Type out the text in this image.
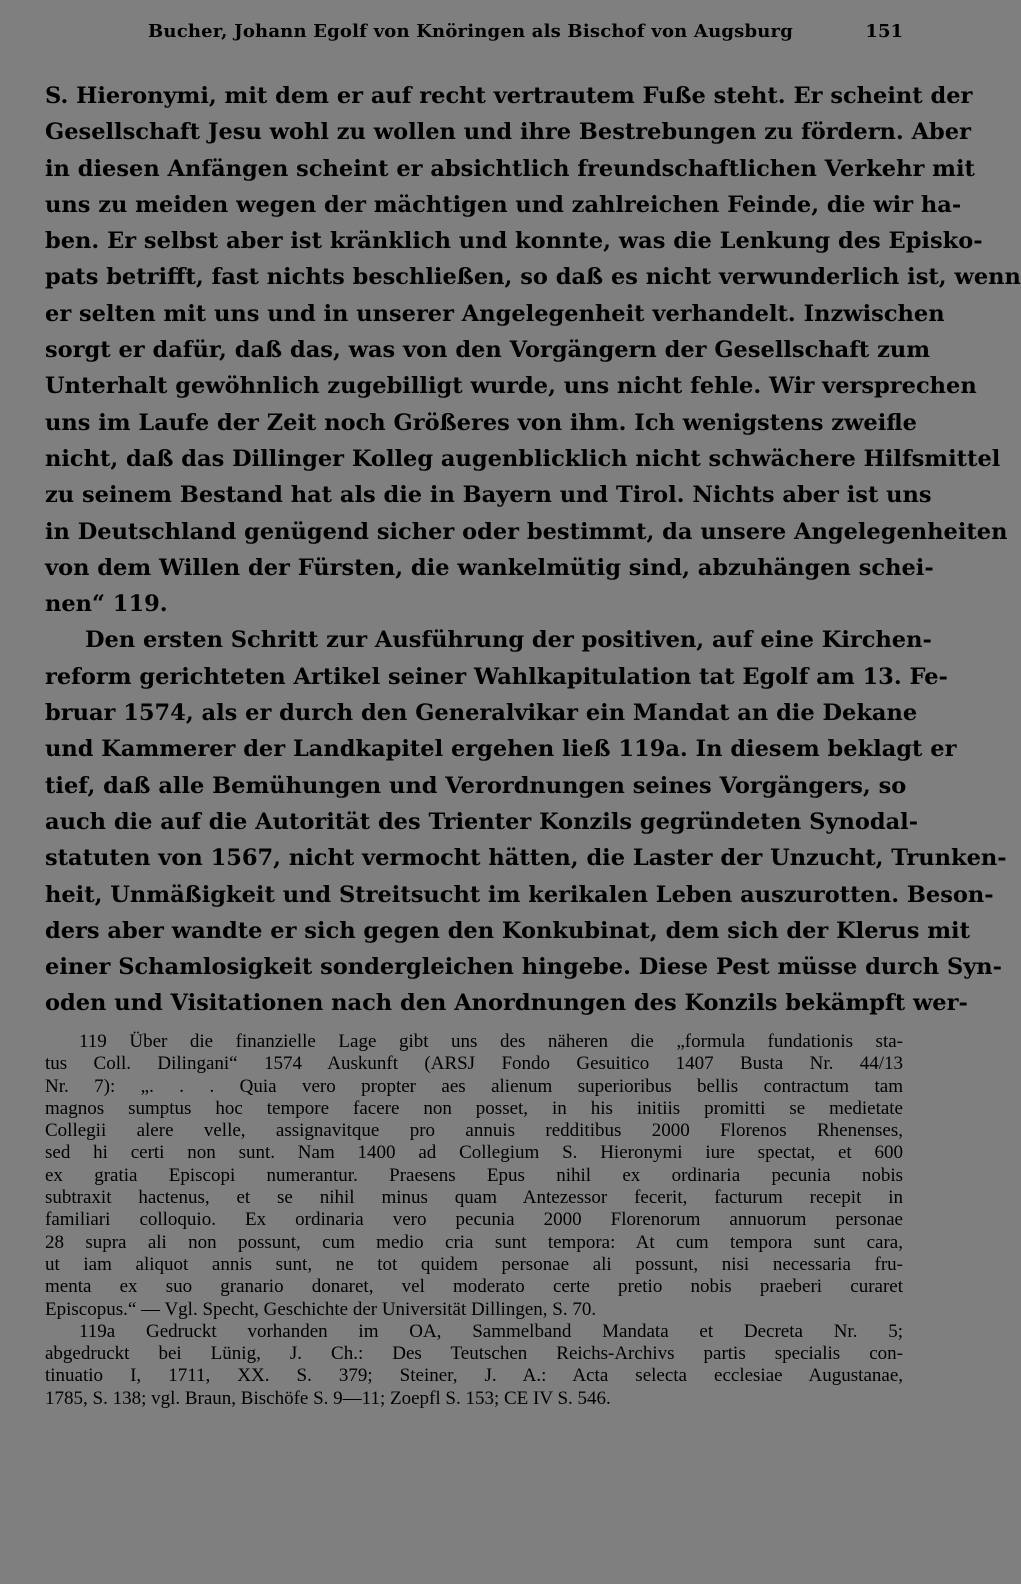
Bucher, Johann Egolf von Knöringen als Bischof von Augsburg	151
S. Hieronymi, mit dem er auf recht vertrautem Fuße steht. Er scheint der
Gesellschaft Jesu wohl zu wollen und ihre Bestrebungen zu fördern. Aber
in diesen Anfängen scheint er absichtlich freundschaftlichen Verkehr mit
uns zu meiden wegen der mächtigen und zahlreichen Feinde, die wir ha-
ben. Er selbst aber ist kränklich und konnte, was die Lenkung des Episko-
pats betrifft, fast nichts beschließen, so daß es nicht verwunderlich ist, wenn
er selten mit uns und in unserer Angelegenheit verhandelt. Inzwischen
sorgt er dafür, daß das, was von den Vorgängern der Gesellschaft zum
Unterhalt gewöhnlich zugebilligt wurde, uns nicht fehle. Wir versprechen
uns im Laufe der Zeit noch Größeres von ihm. Ich wenigstens zweifle
nicht, daß das Dillinger Kolleg augenblicklich nicht schwächere Hilfsmittel
zu seinem Bestand hat als die in Bayern und Tirol. Nichts aber ist uns
in Deutschland genügend sicher oder bestimmt, da unsere Angelegenheiten
von dem Willen der Fürsten, die wankelmütig sind, abzuhängen schei-
nen“ 119.
Den ersten Schritt zur Ausführung der positiven, auf eine Kirchen-
reform gerichteten Artikel seiner Wahlkapitulation tat Egolf am 13. Fe-
bruar 1574, als er durch den Generalvikar ein Mandat an die Dekane
und Kammerer der Landkapitel ergehen ließ 119a. In diesem beklagt er
tief, daß alle Bemühungen und Verordnungen seines Vorgängers, so
auch die auf die Autorität des Trienter Konzils gegründeten Synodal-
statuten von 1567, nicht vermocht hätten, die Laster der Unzucht, Trunken-
heit, Unmäßigkeit und Streitsucht im kerikalen Leben auszurotten. Beson-
ders aber wandte er sich gegen den Konkubinat, dem sich der Klerus mit
einer Schamlosigkeit sondergleichen hingebe. Diese Pest müsse durch Syn-
oden und Visitationen nach den Anordnungen des Konzils bekämpft wer-
119 Über die finanzielle Lage gibt uns des näheren die „formula fundationis sta-
tus Coll. Dilingani“ 1574 Auskunft (ARSJ Fondo Gesuitico 1407 Busta Nr. 44/13
Nr. 7): „. . . Quia vero propter aes alienum superioribus bellis contractum tam
magnos sumptus hoc tempore facere non posset, in his initiis promitti se medietate
Collegii alere velle, assignavitque pro annuis redditibus 2000 Florenos Rhenenses,
sed hi certi non sunt. Nam 1400 ad Collegium S. Hieronymi iure spectat, et 600
ex gratia Episcopi numerantur. Praesens Epus nihil ex ordinaria pecunia nobis
subtraxit hactenus, et se nihil minus quam Antezessor fecerit, facturum recepit in
familiari colloquio. Ex ordinaria vero pecunia 2000 Florenorum annuorum personae
28 supra ali non possunt, cum medio cria sunt tempora: At cum tempora sunt cara,
ut iam aliquot annis sunt, ne tot quidem personae ali possunt, nisi necessaria fru-
menta ex suo granario donaret, vel moderato certe pretio nobis praeberi curaret
Episcopus.“ — Vgl. Specht, Geschichte der Universität Dillingen, S. 70.
119a Gedruckt vorhanden im OA, Sammelband Mandata et Decreta Nr. 5;
abgedruckt bei Lünig, J. Ch.: Des Teutschen Reichs-Archivs partis specialis con-
tinuatio I, 1711, XX. S. 379; Steiner, J. A.: Acta selecta ecclesiae Augustanae,
1785, S. 138; vgl. Braun, Bischöfe S. 9—11; Zoepfl S. 153; CE IV S. 546.
